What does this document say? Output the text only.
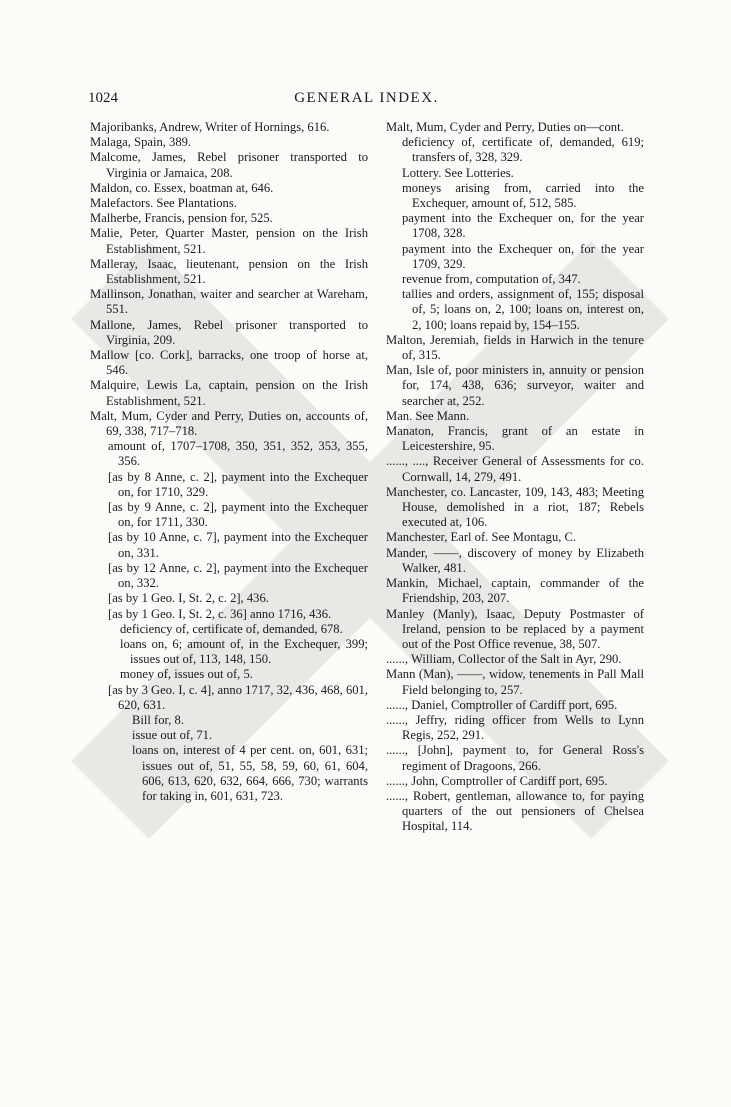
1024	GENERAL INDEX.
Majoribanks, Andrew, Writer of Hornings, 616.
Malaga, Spain, 389.
Malcome, James, Rebel prisoner transported to Virginia or Jamaica, 208.
Maldon, co. Essex, boatman at, 646.
Malefactors. See Plantations.
Malherbe, Francis, pension for, 525.
Malie, Peter, Quarter Master, pension on the Irish Establishment, 521.
Malleray, Isaac, lieutenant, pension on the Irish Establishment, 521.
Mallinson, Jonathan, waiter and searcher at Wareham, 551.
Mallone, James, Rebel prisoner transported to Virginia, 209.
Mallow [co. Cork], barracks, one troop of horse at, 546.
Malquire, Lewis La, captain, pension on the Irish Establishment, 521.
Malt, Mum, Cyder and Perry, Duties on, accounts of, 69, 338, 717–718.
amount of, 1707–1708, 350, 351, 352, 353, 355, 356.
[as by 8 Anne, c. 2], payment into the Exchequer on, for 1710, 329.
[as by 9 Anne, c. 2], payment into the Exchequer on, for 1711, 330.
[as by 10 Anne, c. 7], payment into the Exchequer on, 331.
[as by 12 Anne, c. 2], payment into the Exchequer on, 332.
[as by 1 Geo. I, St. 2, c. 2], 436.
[as by 1 Geo. I, St. 2, c. 36] anno 1716, 436.
deficiency of, certificate of, demanded, 678.
loans on, 6; amount of, in the Exchequer, 399; issues out of, 113, 148, 150.
money of, issues out of, 5.
[as by 3 Geo. I, c. 4], anno 1717, 32, 436, 468, 601, 620, 631.
Bill for, 8.
issue out of, 71.
loans on, interest of 4 per cent. on, 601, 631; issues out of, 51, 55, 58, 59, 60, 61, 604, 606, 613, 620, 632, 664, 666, 730; warrants for taking in, 601, 631, 723.
Malt, Mum, Cyder and Perry, Duties on—cont.
deficiency of, certificate of, demanded, 619; transfers of, 328, 329.
Lottery. See Lotteries.
moneys arising from, carried into the Exchequer, amount of, 512, 585.
payment into the Exchequer on, for the year 1708, 328.
payment into the Exchequer on, for the year 1709, 329.
revenue from, computation of, 347.
tallies and orders, assignment of, 155; disposal of, 5; loans on, 2, 100; loans on, interest on, 2, 100; loans repaid by, 154–155.
Malton, Jeremiah, fields in Harwich in the tenure of, 315.
Man, Isle of, poor ministers in, annuity or pension for, 174, 438, 636; surveyor, waiter and searcher at, 252.
Man. See Mann.
Manaton, Francis, grant of an estate in Leicestershire, 95.
......, ...., Receiver General of Assessments for co. Cornwall, 14, 279, 491.
Manchester, co. Lancaster, 109, 143, 483; Meeting House, demolished in a riot, 187; Rebels executed at, 106.
Manchester, Earl of. See Montagu, C.
Mander, ——, discovery of money by Elizabeth Walker, 481.
Mankin, Michael, captain, commander of the Friendship, 203, 207.
Manley (Manly), Isaac, Deputy Postmaster of Ireland, pension to be replaced by a payment out of the Post Office revenue, 38, 507.
......, William, Collector of the Salt in Ayr, 290.
Mann (Man), ——, widow, tenements in Pall Mall Field belonging to, 257.
......, Daniel, Comptroller of Cardiff port, 695.
......, Jeffry, riding officer from Wells to Lynn Regis, 252, 291.
......, [John], payment to, for General Ross's regiment of Dragoons, 266.
......, John, Comptroller of Cardiff port, 695.
......, Robert, gentleman, allowance to, for paying quarters of the out pensioners of Chelsea Hospital, 114.
